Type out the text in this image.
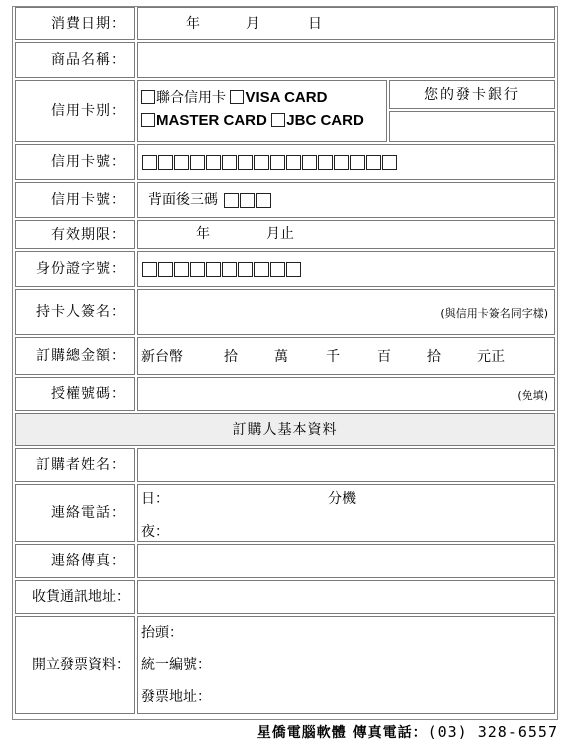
消費日期：	年	月	日
商品名稱：
信用卡別：
聯合信用卡 VISA CARD
MASTER CARD JBC CARD
您的發卡銀行
信用卡號：
信用卡號：	背面後三碼
有效期限：	年	月止
身份證字號：
持卡人簽名：	(與信用卡簽名同字樣)
訂購總金額：	新台幣	拾	萬	千	百	拾	元正
授權號碼：	(免填)
訂購人基本資料
訂購者姓名：
連絡電話：
日：	分機
夜：
連絡傳真：
收貨通訊地址：
開立發票資料：
抬頭：
統一編號：
發票地址：
星僑電腦軟體 傳真電話：(03) 328-6557
